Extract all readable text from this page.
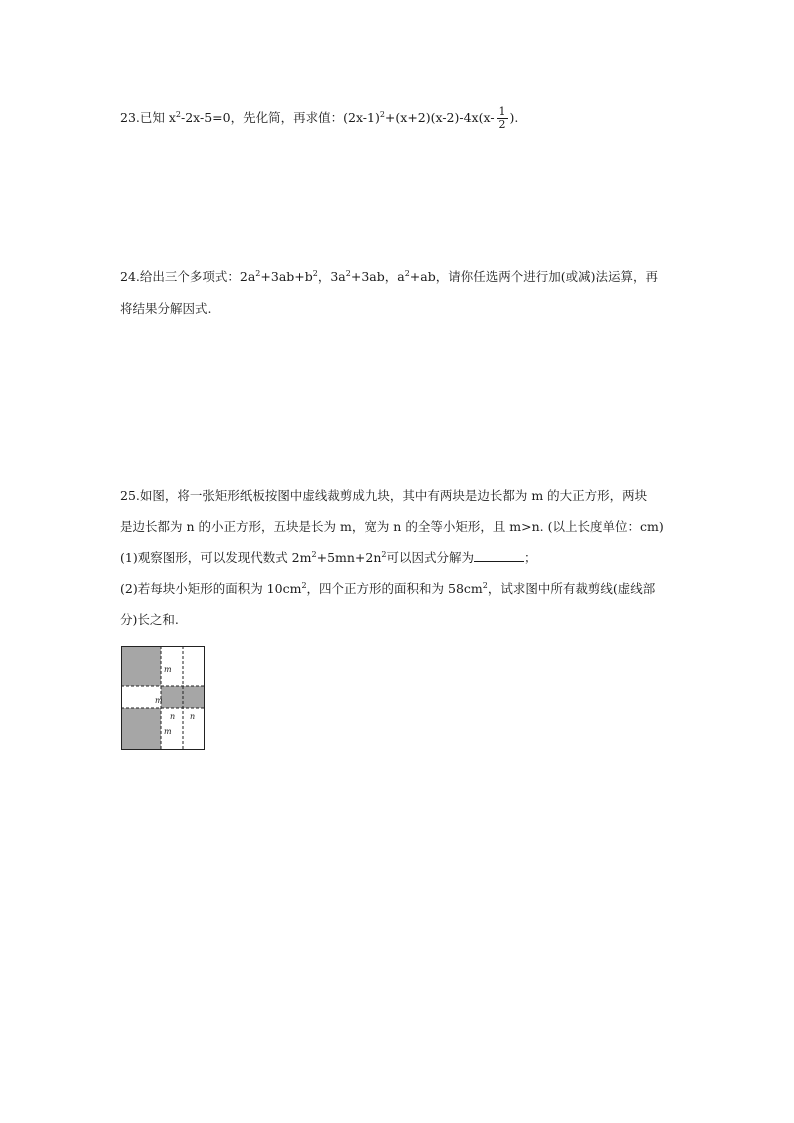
23.已知 $x^2-2x-5=0$，先化简，再求值：$(2x-1)^2+(x+2)(x-2)-4x(x- \frac{1}{2}$ ).
24.给出三个多项式：$2a^2+3ab+b^2$，$3a^2+3ab$，$a^2+ab$，请你任选两个进行加(或减)法运算，再
将结果分解因式.
25.如图，将一张矩形纸板按图中虚线裁剪成九块，其中有两块是边长都为 m 的大正方形，两块
是边长都为 n 的小正方形，五块是长为 m，宽为 n 的全等小矩形，且 m>n. (以上长度单位：cm)
(1)观察图形，可以发现代数式 $2m^2+5mn+2n^2$可以因式分解为	；
(2)若每块小矩形的面积为 $10cm^2$，四个正方形的面积和为 $58cm^2$，试求图中所有裁剪线(虚线部
分)长之和.
m
m
n n
m
